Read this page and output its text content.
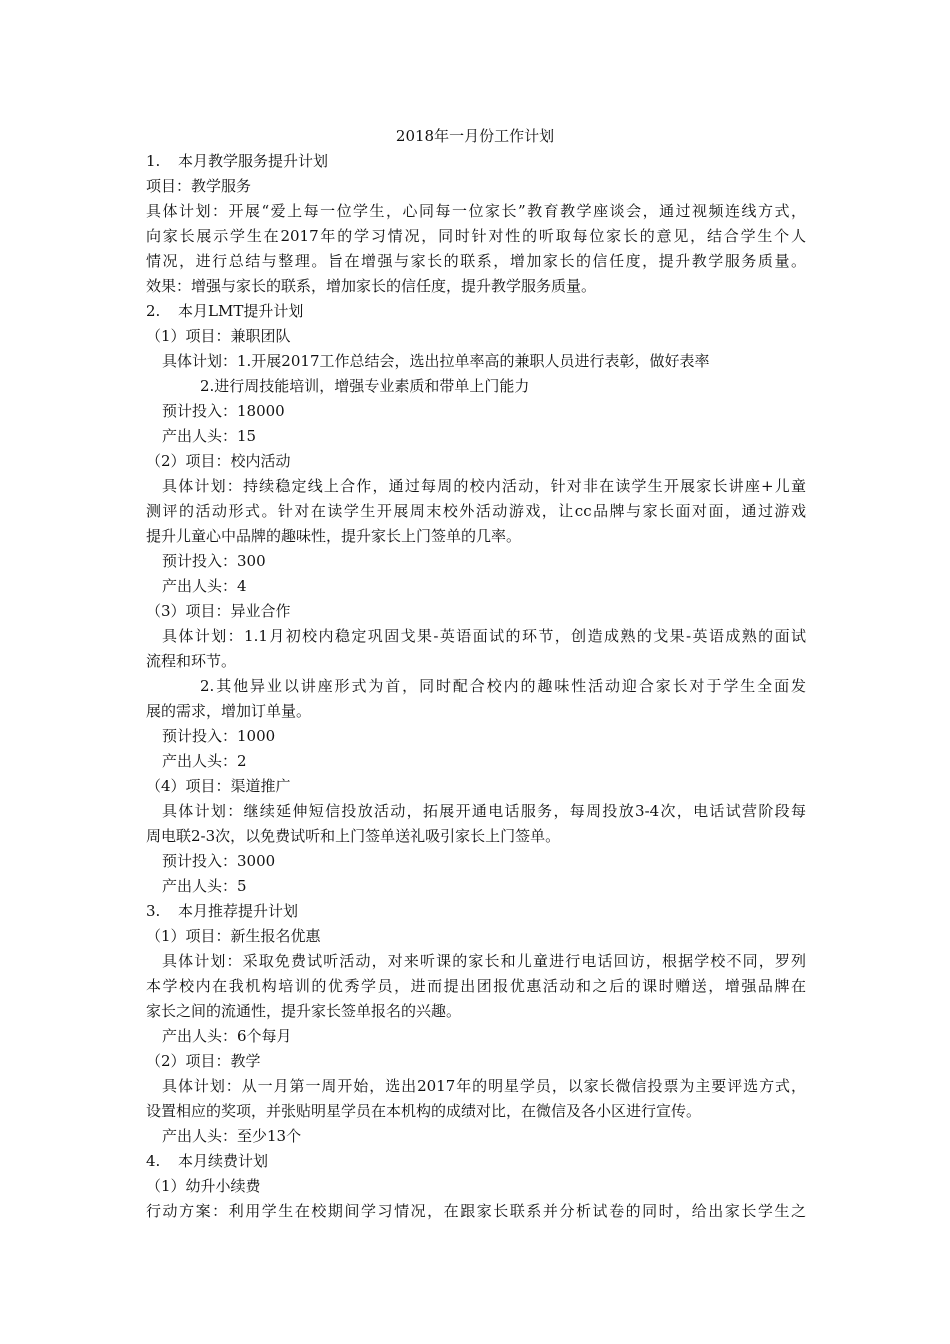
2018年一月份工作计划
1. 本月教学服务提升计划
项目：教学服务
具体计划：开展“爱上每一位学生，心同每一位家长”教育教学座谈会，通过视频连线方式，
向家长展示学生在2017年的学习情况，同时针对性的听取每位家长的意见，结合学生个人
情况，进行总结与整理。旨在增强与家长的联系，增加家长的信任度，提升教学服务质量。
效果：增强与家长的联系，增加家长的信任度，提升教学服务质量。
2. 本月LMT提升计划
（1）项目：兼职团队
具体计划：1.开展2017工作总结会，选出拉单率高的兼职人员进行表彰，做好表率
2.进行周技能培训，增强专业素质和带单上门能力
预计投入：18000
产出人头：15
（2）项目：校内活动
具体计划：持续稳定线上合作，通过每周的校内活动，针对非在读学生开展家长讲座+儿童
测评的活动形式。针对在读学生开展周末校外活动游戏，让cc品牌与家长面对面，通过游戏
提升儿童心中品牌的趣味性，提升家长上门签单的几率。
预计投入：300
产出人头：4
（3）项目：异业合作
具体计划：1.1月初校内稳定巩固戈果-英语面试的环节，创造成熟的戈果-英语成熟的面试
流程和环节。
2.其他异业以讲座形式为首，同时配合校内的趣味性活动迎合家长对于学生全面发
展的需求，增加订单量。
预计投入：1000
产出人头：2
（4）项目：渠道推广
具体计划：继续延伸短信投放活动，拓展开通电话服务，每周投放3-4次，电话试营阶段每
周电联2-3次，以免费试听和上门签单送礼吸引家长上门签单。
预计投入：3000
产出人头：5
3. 本月推荐提升计划
（1）项目：新生报名优惠
具体计划：采取免费试听活动，对来听课的家长和儿童进行电话回访，根据学校不同，罗列
本学校内在我机构培训的优秀学员，进而提出团报优惠活动和之后的课时赠送，增强品牌在
家长之间的流通性，提升家长签单报名的兴趣。
产出人头：6个每月
（2）项目：教学
具体计划：从一月第一周开始，选出2017年的明星学员，以家长微信投票为主要评选方式，
设置相应的奖项，并张贴明星学员在本机构的成绩对比，在微信及各小区进行宣传。
产出人头：至少13个
4. 本月续费计划
（1）幼升小续费
行动方案：利用学生在校期间学习情况，在跟家长联系并分析试卷的同时，给出家长学生之
